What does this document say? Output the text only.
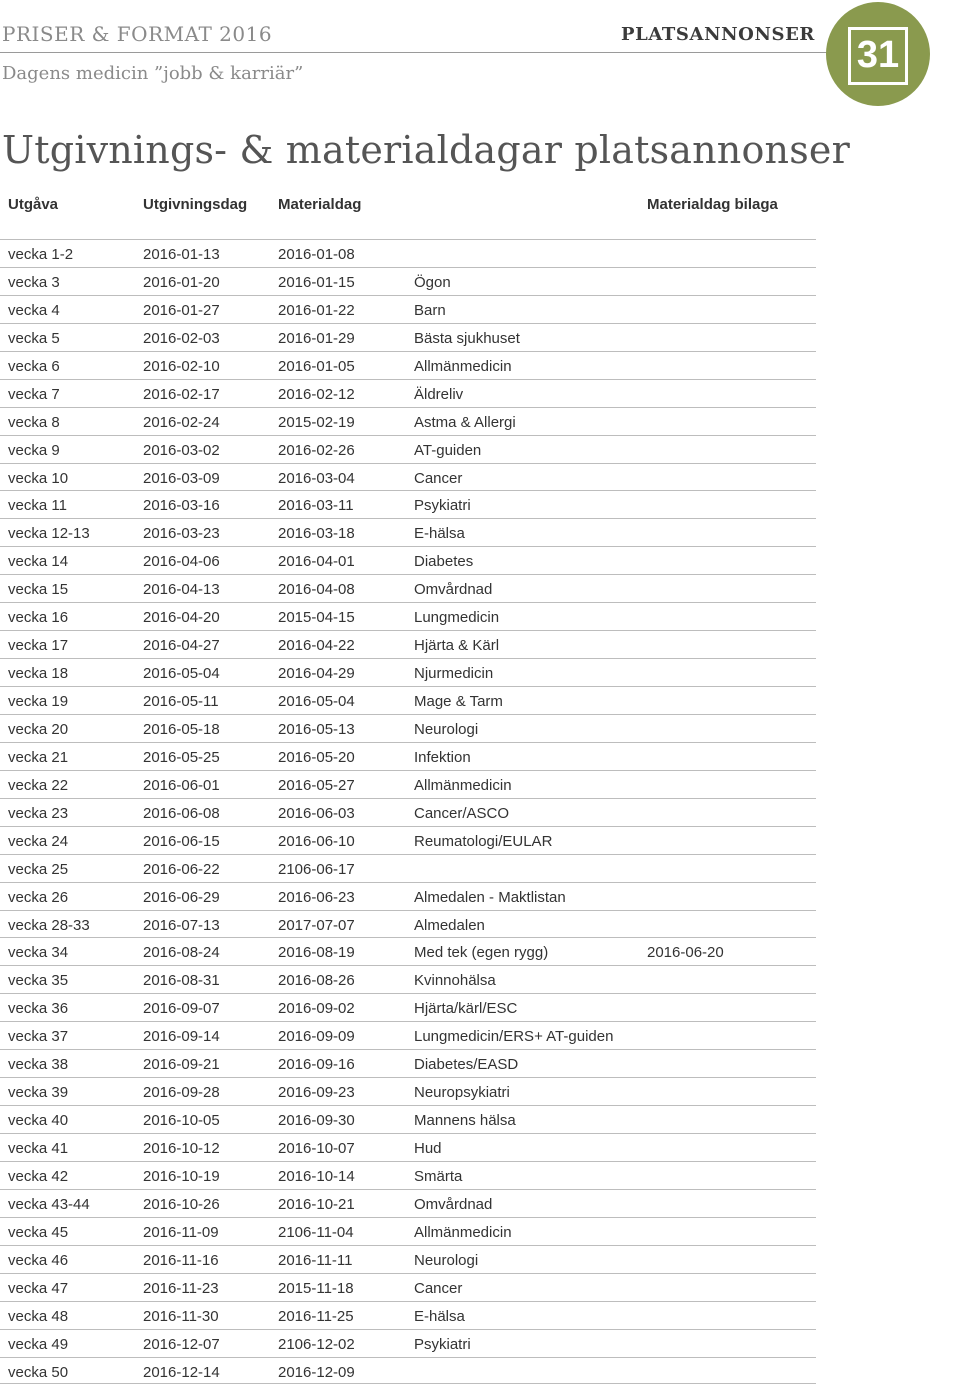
PRISER & FORMAT 2016
Dagens medicin ”jobb & karriär”
PLATSANNONSER	31
Utgivnings- & materialdagar platsannonser
Utgåva	Utgivningsdag Materialdag	Materialdag bilaga
vecka 1-2	2016-01-13	2016-01-08
vecka 3	2016-01-20	2016-01-15	Ögon
vecka 4	2016-01-27	2016-01-22	Barn
vecka 5	2016-02-03	2016-01-29	Bästa sjukhuset
vecka 6	2016-02-10	2016-01-05	Allmänmedicin
vecka 7	2016-02-17	2016-02-12	Äldreliv
vecka 8	2016-02-24	2015-02-19	Astma & Allergi
vecka 9	2016-03-02	2016-02-26	AT-guiden
vecka 10	2016-03-09	2016-03-04	Cancer
vecka 11	2016-03-16	2016-03-11	Psykiatri
vecka 12-13	2016-03-23	2016-03-18	E-hälsa
vecka 14	2016-04-06	2016-04-01	Diabetes
vecka 15	2016-04-13	2016-04-08	Omvårdnad
vecka 16	2016-04-20	2015-04-15	Lungmedicin
vecka 17	2016-04-27	2016-04-22	Hjärta & Kärl
vecka 18	2016-05-04	2016-04-29	Njurmedicin
vecka 19	2016-05-11	2016-05-04	Mage & Tarm
vecka 20	2016-05-18	2016-05-13	Neurologi
vecka 21	2016-05-25	2016-05-20	Infektion
vecka 22	2016-06-01	2016-05-27	Allmänmedicin
vecka 23	2016-06-08	2016-06-03	Cancer/ASCO
vecka 24	2016-06-15	2016-06-10	Reumatologi/EULAR
vecka 25	2016-06-22	2106-06-17
vecka 26	2016-06-29	2016-06-23	Almedalen - Maktlistan
vecka 28-33	2016-07-13	2017-07-07	Almedalen
vecka 34	2016-08-24	2016-08-19	Med tek (egen rygg)	2016-06-20
vecka 35	2016-08-31	2016-08-26	Kvinnohälsa
vecka 36	2016-09-07	2016-09-02	Hjärta/kärl/ESC
vecka 37	2016-09-14	2016-09-09	Lungmedicin/ERS+ AT-guiden
vecka 38	2016-09-21	2016-09-16	Diabetes/EASD
vecka 39	2016-09-28	2016-09-23	Neuropsykiatri
vecka 40	2016-10-05	2016-09-30	Mannens hälsa
vecka 41	2016-10-12	2016-10-07	Hud
vecka 42	2016-10-19	2016-10-14	Smärta
vecka 43-44	2016-10-26	2016-10-21	Omvårdnad
vecka 45	2016-11-09	2106-11-04	Allmänmedicin
vecka 46	2016-11-16	2016-11-11	Neurologi
vecka 47	2016-11-23	2015-11-18	Cancer
vecka 48	2016-11-30	2016-11-25	E-hälsa
vecka 49	2016-12-07	2106-12-02	Psykiatri
vecka 50	2016-12-14	2016-12-09
